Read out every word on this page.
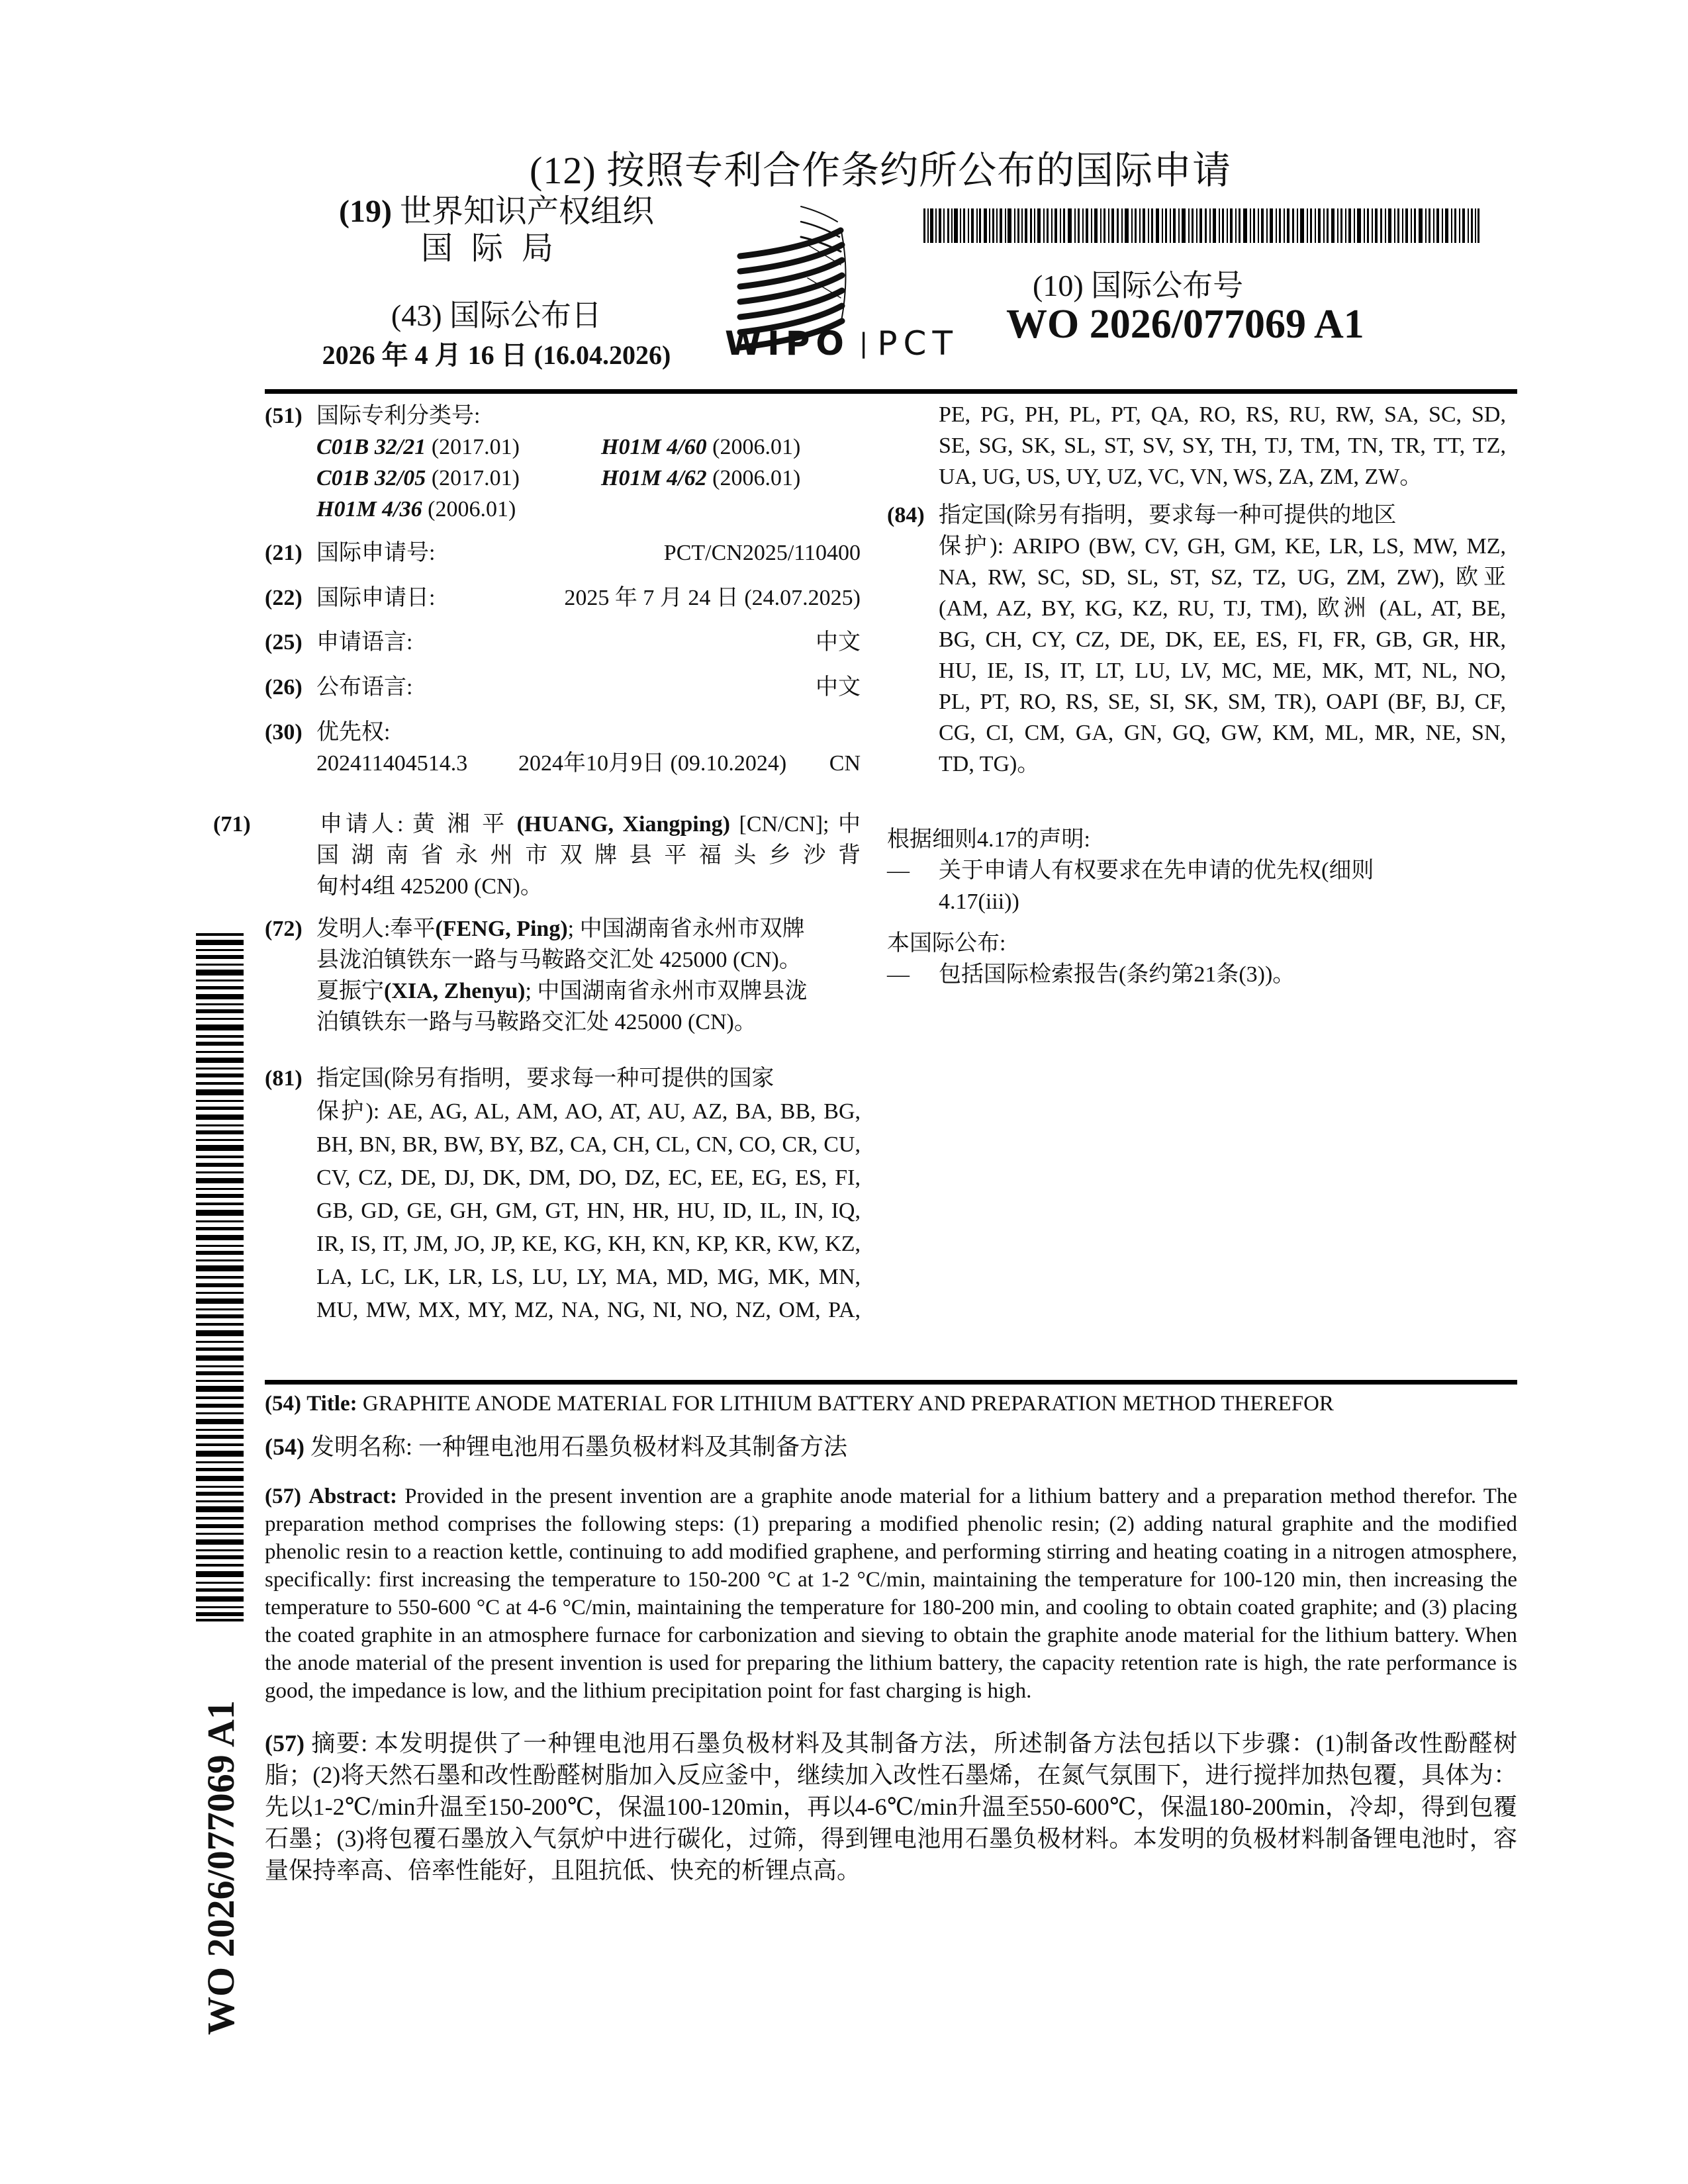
(12) 按照专利合作条约所公布的国际申请
(19) 世界知识产权组织
国际局
(43) 国际公布日
2026 年 4 月 16 日 (16.04.2026)	WIPO | PCT
(10) 国际公布号
WO 2026/077069 A1
(51) 国际专利分类号:
C01B 32/21 (2017.01)	H01M 4/60 (2006.01)
C01B 32/05 (2017.01)	H01M 4/62 (2006.01)
H01M 4/36 (2006.01)
(21) 国际申请号:	PCT/CN2025/110400
(22) 国际申请日:	2025 年 7 月 24 日 (24.07.2025)
(25) 申请语言:	中文
(26) 公布语言:	中文
(30) 优先权:
202411404514.3 2024年10月9日 (09.10.2024) CN
(71)	申请人: 黄 湘 平 (HUANG, Xiangping) [CN/CN]; 中
国 湖 南 省 永 州 市 双 牌 县 平 福 头 乡 沙 背
甸村4组 425200 (CN)。
(72) 发明人:奉平(FENG, Ping); 中国湖南省永州市双牌
县泷泊镇铁东一路与马鞍路交汇处 425000 (CN)。
夏振宁(XIA, Zhenyu); 中国湖南省永州市双牌县泷
泊镇铁东一路与马鞍路交汇处 425000 (CN)。
(81) 指定国(除另有指明，要求每一种可提供的国家
保护): AE, AG, AL, AM, AO, AT, AU, AZ, BA, BB, BG,
BH, BN, BR, BW, BY, BZ, CA, CH, CL, CN, CO, CR, CU,
CV, CZ, DE, DJ, DK, DM, DO, DZ, EC, EE, EG, ES, FI,
GB, GD, GE, GH, GM, GT, HN, HR, HU, ID, IL, IN, IQ,
IR, IS, IT, JM, JO, JP, KE, KG, KH, KN, KP, KR, KW, KZ,
LA, LC, LK, LR, LS, LU, LY, MA, MD, MG, MK, MN,
MU, MW, MX, MY, MZ, NA, NG, NI, NO, NZ, OM, PA,
PE, PG, PH, PL, PT, QA, RO, RS, RU, RW, SA, SC, SD,
SE, SG, SK, SL, ST, SV, SY, TH, TJ, TM, TN, TR, TT, TZ,
UA, UG, US, UY, UZ, VC, VN, WS, ZA, ZM, ZW。
(84) 指定国(除另有指明，要求每一种可提供的地区
保护): ARIPO (BW, CV, GH, GM, KE, LR, LS, MW, MZ,
NA, RW, SC, SD, SL, ST, SZ, TZ, UG, ZM, ZW), 欧亚
(AM, AZ, BY, KG, KZ, RU, TJ, TM), 欧洲 (AL, AT, BE,
BG, CH, CY, CZ, DE, DK, EE, ES, FI, FR, GB, GR, HR,
HU, IE, IS, IT, LT, LU, LV, MC, ME, MK, MT, NL, NO,
PL, PT, RO, RS, SE, SI, SK, SM, TR), OAPI (BF, BJ, CF,
CG, CI, CM, GA, GN, GQ, GW, KM, ML, MR, NE, SN,
TD, TG)。
根据细则4.17的声明:
—	关于申请人有权要求在先申请的优先权(细则
4.17(iii))
本国际公布:
—	包括国际检索报告(条约第21条(3))。
(54) Title: GRAPHITE ANODE MATERIAL FOR LITHIUM BATTERY AND PREPARATION METHOD THEREFOR
(54) 发明名称: 一种锂电池用石墨负极材料及其制备方法
(57) Abstract: Provided in the present invention are a graphite anode material for a lithium battery and a preparation method therefor. The preparation method comprises the following steps: (1) preparing a modified phenolic resin; (2) adding natural graphite and the modified phenolic resin to a reaction kettle, continuing to add modified graphene, and performing stirring and heating coating in a nitrogen atmosphere, specifically: first increasing the temperature to 150-200 °C at 1-2 °C/min, maintaining the temperature for 100-120 min, then increasing the temperature to 550-600 °C at 4-6 °C/min, maintaining the temperature for 180-200 min, and cooling to obtain coated graphite; and (3) placing the coated graphite in an atmosphere furnace for carbonization and sieving to obtain the graphite anode material for the lithium battery. When the anode material of the present invention is used for preparing the lithium battery, the capacity retention rate is high, the rate performance is good, the impedance is low, and the lithium precipitation point for fast charging is high.
(57) 摘要: 本发明提供了一种锂电池用石墨负极材料及其制备方法，所述制备方法包括以下步骤：(1)制备改性酚醛树脂；(2)将天然石墨和改性酚醛树脂加入反应釜中，继续加入改性石墨烯，在氮气氛围下，进行搅拌加热包覆，具体为：先以1-2℃/min升温至150-200℃，保温100-120min，再以4-6℃/min升温至550-600℃，保温180-200min，冷却，得到包覆石墨；(3)将包覆石墨放入气氛炉中进行碳化，过筛，得到锂电池用石墨负极材料。本发明的负极材料制备锂电池时，容量保持率高、倍率性能好，且阻抗低、快充的析锂点高。
WO 2026/077069 A1
